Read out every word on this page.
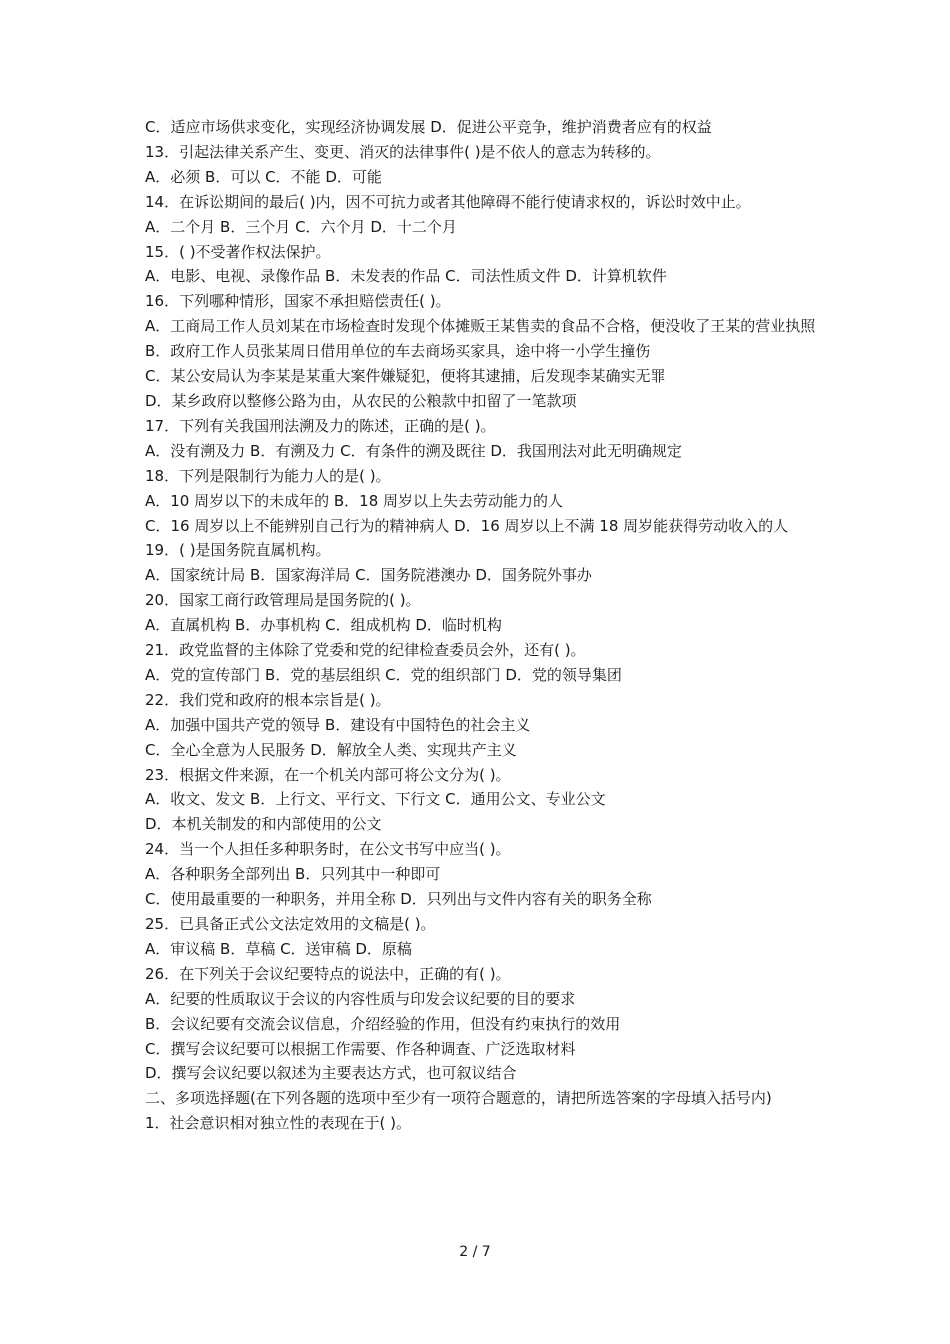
C．适应市场供求变化，实现经济协调发展 D．促进公平竞争，维护消费者应有的权益
13．引起法律关系产生、变更、消灭的法律事件( )是不依人的意志为转移的。
A．必须 B．可以 C．不能 D．可能
14．在诉讼期间的最后( )内，因不可抗力或者其他障碍不能行使请求权的，诉讼时效中止。
A．二个月 B．三个月 C．六个月 D．十二个月
15．( )不受著作权法保护。
A．电影、电视、录像作品 B．未发表的作品 C．司法性质文件 D．计算机软件
16．下列哪种情形，国家不承担赔偿责任( )。
A．工商局工作人员刘某在市场检查时发现个体摊贩王某售卖的食品不合格，便没收了王某的营业执照
B．政府工作人员张某周日借用单位的车去商场买家具，途中将一小学生撞伤
C．某公安局认为李某是某重大案件嫌疑犯，便将其逮捕，后发现李某确实无罪
D．某乡政府以整修公路为由，从农民的公粮款中扣留了一笔款项
17．下列有关我国刑法溯及力的陈述，正确的是( )。
A．没有溯及力 B．有溯及力 C．有条件的溯及既往 D．我国刑法对此无明确规定
18．下列是限制行为能力人的是( )。
A．10 周岁以下的未成年的 B．18 周岁以上失去劳动能力的人
C．16 周岁以上不能辨别自己行为的精神病人 D．16 周岁以上不满 18 周岁能获得劳动收入的人
19．( )是国务院直属机构。
A．国家统计局 B．国家海洋局 C．国务院港澳办 D．国务院外事办
20．国家工商行政管理局是国务院的( )。
A．直属机构 B．办事机构 C．组成机构 D．临时机构
21．政党监督的主体除了党委和党的纪律检查委员会外，还有( )。
A．党的宣传部门 B．党的基层组织 C．党的组织部门 D．党的领导集团
22．我们党和政府的根本宗旨是( )。
A．加强中国共产党的领导 B．建设有中国特色的社会主义
C．全心全意为人民服务 D．解放全人类、实现共产主义
23．根据文件来源，在一个机关内部可将公文分为( )。
A．收文、发文 B．上行文、平行文、下行文 C．通用公文、专业公文
D．本机关制发的和内部使用的公文
24．当一个人担任多种职务时，在公文书写中应当( )。
A．各种职务全部列出 B．只列其中一种即可
C．使用最重要的一种职务，并用全称 D．只列出与文件内容有关的职务全称
25．已具备正式公文法定效用的文稿是( )。
A．审议稿 B．草稿 C．送审稿 D．原稿
26．在下列关于会议纪要特点的说法中，正确的有( )。
A．纪要的性质取议于会议的内容性质与印发会议纪要的目的要求
B．会议纪要有交流会议信息，介绍经验的作用，但没有约束执行的效用
C．撰写会议纪要可以根据工作需要、作各种调查、广泛选取材料
D．撰写会议纪要以叙述为主要表达方式，也可叙议结合
二、多项选择题(在下列各题的选项中至少有一项符合题意的，请把所选答案的字母填入括号内)
1．社会意识相对独立性的表现在于( )。
2 / 7
